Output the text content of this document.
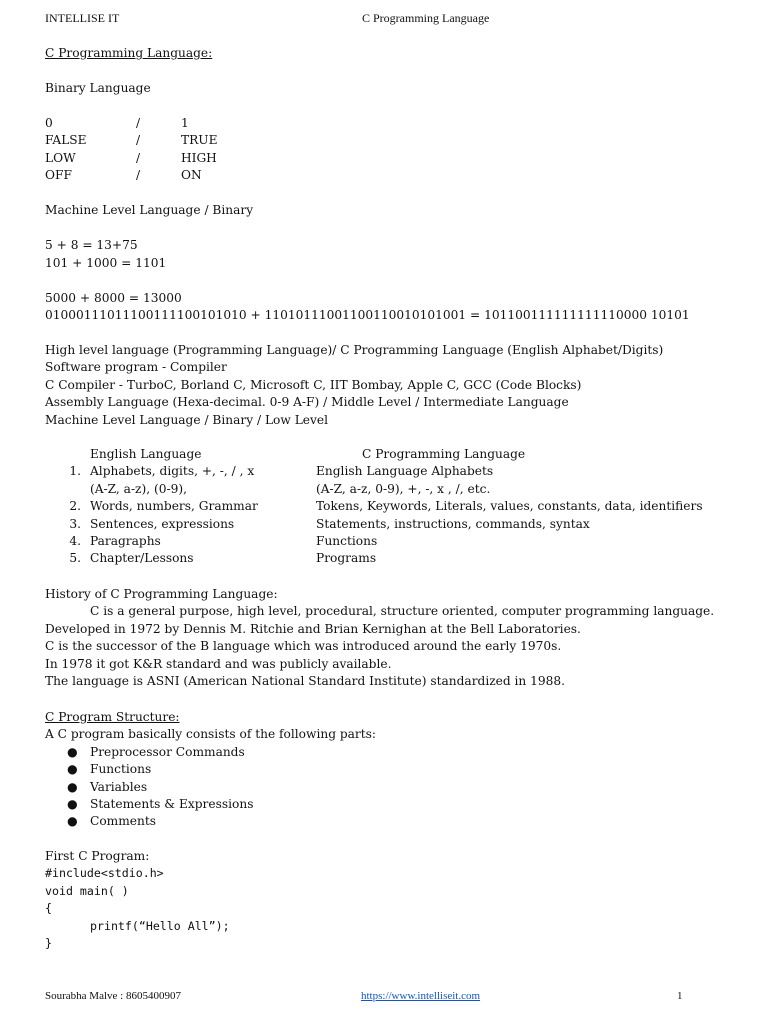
INTELLISE IT	C Programming Language
C Programming Language:
Binary Language
0	/	1
FALSE	/	TRUE
LOW	/	HIGH
OFF	/	ON
Machine Level Language / Binary
5 + 8 = 13+75
101 + 1000 = 1101
5000 + 8000 = 13000
01000111011100111100101010 + 11010111001100110010101001 = 101100111111111110000 10101
High level language (Programming Language)/ C Programming Language (English Alphabet/Digits)
Software program - Compiler
C Compiler - TurboC, Borland C, Microsoft C, IIT Bombay, Apple C, GCC (Code Blocks)
Assembly Language (Hexa-decimal. 0-9 A-F) / Middle Level / Intermediate Language
Machine Level Language / Binary / Low Level
English Language	C Programming Language
1. Alphabets, digits, +, -, / , x	English Language Alphabets
(A-Z, a-z), (0-9),	(A-Z, a-z, 0-9), +, -, x , /, etc.
2. Words, numbers, Grammar	Tokens, Keywords, Literals, values, constants, data, identifiers
3. Sentences, expressions	Statements, instructions, commands, syntax
4. Paragraphs	Functions
5. Chapter/Lessons	Programs
History of C Programming Language:
C is a general purpose, high level, procedural, structure oriented, computer programming language.
Developed in 1972 by Dennis M. Ritchie and Brian Kernighan at the Bell Laboratories.
C is the successor of the B language which was introduced around the early 1970s.
In 1978 it got K&R standard and was publicly available.
The language is ASNI (American National Standard Institute) standardized in 1988.
C Program Structure:
A C program basically consists of the following parts:
● Preprocessor Commands
● Functions
● Variables
● Statements & Expressions
● Comments
First C Program:
#include<stdio.h>
void main( )
{
printf(“Hello All”);
}
Sourabha Malve : 8605400907	https://www.intelliseit.com	1
